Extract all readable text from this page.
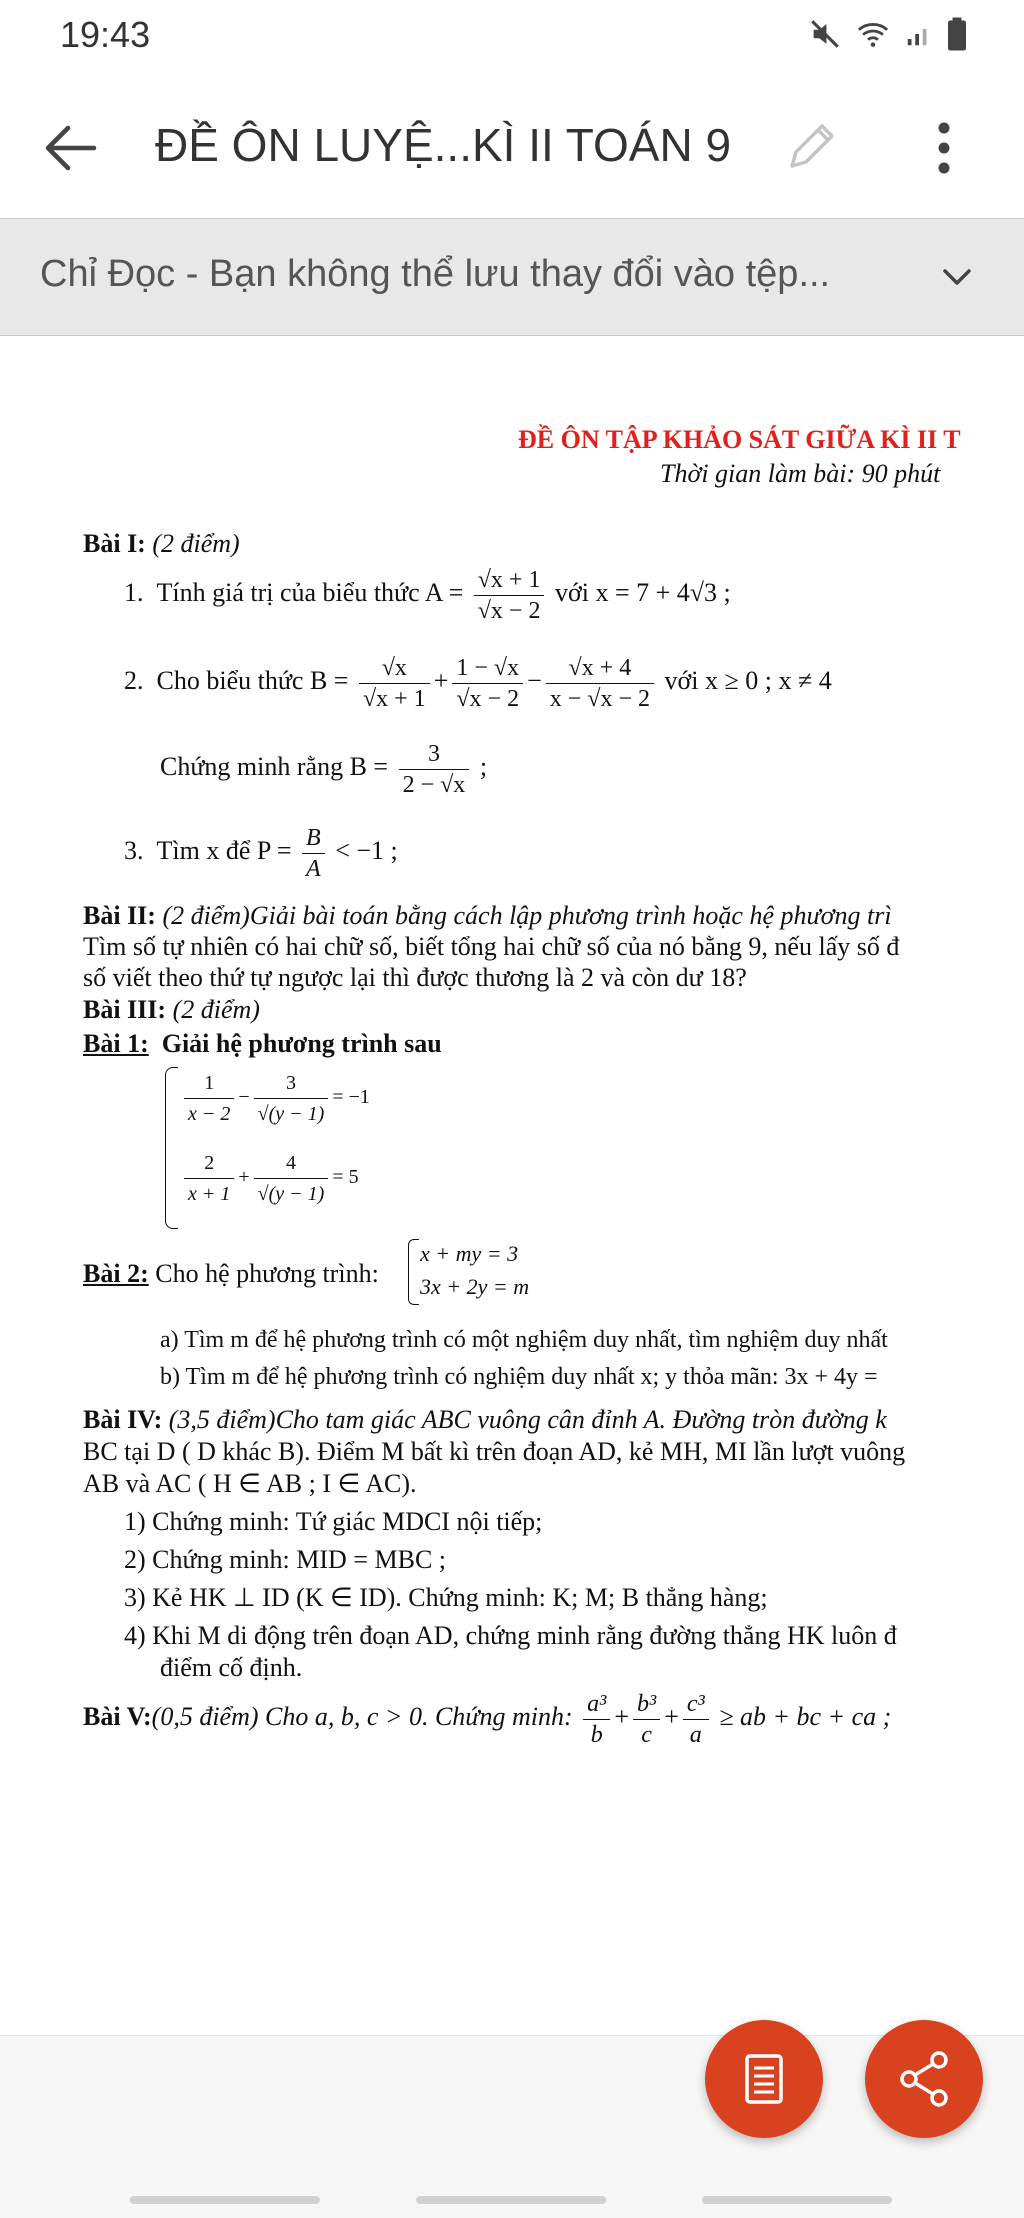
19:43
ĐỀ ÔN LUYỆ...KÌ II TOÁN 9
Chỉ Đọc - Bạn không thể lưu thay đổi vào tệp...
ĐỀ ÔN TẬP KHẢO SÁT GIỮA KÌ II T
Thời gian làm bài: 90 phút
Bài I: (2 điểm)
1. Tính giá trị của biểu thức $A = \frac{√x + 1}{√x - 2}$ với x = 7 + 4√3 ;
2. Cho biểu thức $B = \frac{√x}{√x + 1} + \frac{1 - √x}{√x - 2} - \frac{√x + 4}{x - √x - 2}$ với x ≥ 0 ; x ≠ 4
Chứng minh rằng $B = \frac{3}{2 - √x}$ ;
3. Tìm x để $P = \frac{B}{A} < -1$ ;
Bài II: (2 điểm)Giải bài toán bằng cách lập phương trình hoặc hệ phương trì
Tìm số tự nhiên có hai chữ số, biết tổng hai chữ số của nó bằng 9, nếu lấy số đ
số viết theo thứ tự ngược lại thì được thương là 2 và còn dư 18?
Bài III: (2 điểm)
Bài 1: Giải hệ phương trình sau
$\frac{1}{x - 2} - \frac{3}{√(y - 1)} = -1$
$\frac{2}{x + 1} + \frac{4}{√(y - 1)} = 5$
Bài 2: Cho hệ phương trình:
x + my = 3
3x + 2y = m
a) Tìm m để hệ phương trình có một nghiệm duy nhất, tìm nghiệm duy nhất
b) Tìm m để hệ phương trình có nghiệm duy nhất x; y thỏa mãn: 3x + 4y =
Bài IV: (3,5 điểm)Cho tam giác ABC vuông cân đỉnh A. Đường tròn đường k
BC tại D ( D khác B). Điểm M bất kì trên đoạn AD, kẻ MH, MI lần lượt vuông
AB và AC ( H ∈ AB ; I ∈ AC).
1) Chứng minh: Tứ giác MDCI nội tiếp;
2) Chứng minh: MID = MBC ;
3) Kẻ HK ⊥ ID (K ∈ ID). Chứng minh: K; M; B thẳng hàng;
4) Khi M di động trên đoạn AD, chứng minh rằng đường thẳng HK luôn đ
điểm cố định.
Bài V:(0,5 điểm) Cho a, b, c > 0. Chứng minh: $\frac{\text{a³}}{b} + \frac{\text{b³}}{c} + \frac{\text{c³}}{a}$ ≥ ab + bc + ca ;
